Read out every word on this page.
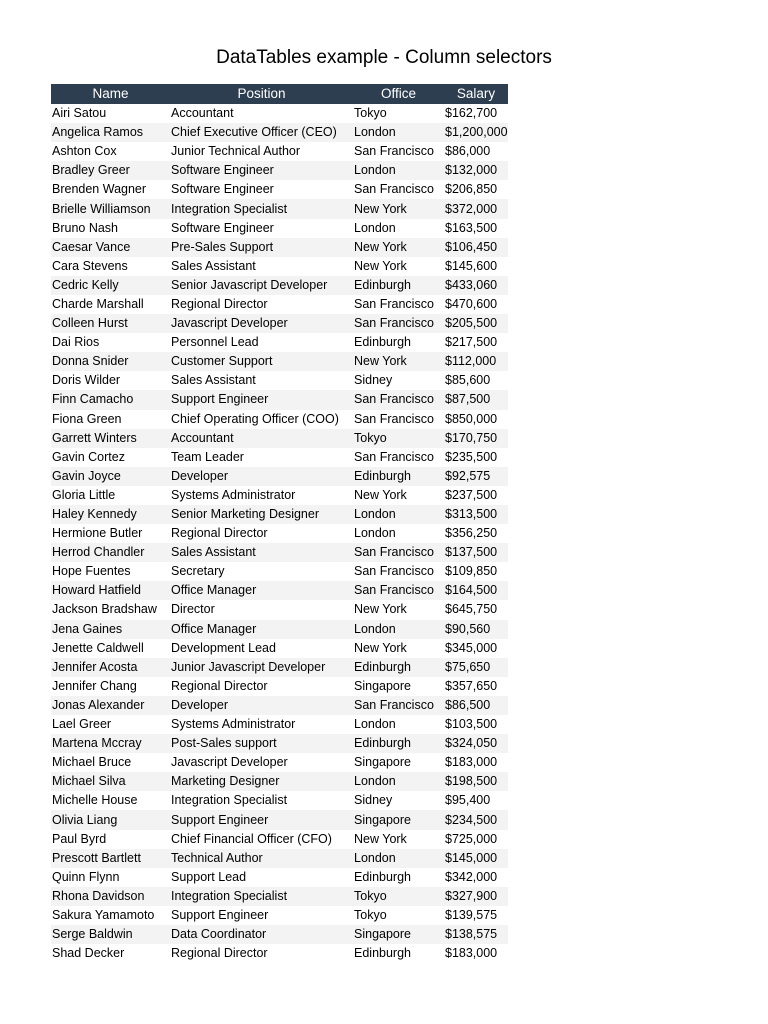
DataTables example - Column selectors
Name	Position	Office	Salary
Airi Satou	Accountant	Tokyo	$162,700
Angelica Ramos	Chief Executive Officer (CEO)	London	$1,200,000
Ashton Cox	Junior Technical Author	San Francisco	$86,000
Bradley Greer	Software Engineer	London	$132,000
Brenden Wagner	Software Engineer	San Francisco	$206,850
Brielle Williamson	Integration Specialist	New York	$372,000
Bruno Nash	Software Engineer	London	$163,500
Caesar Vance	Pre-Sales Support	New York	$106,450
Cara Stevens	Sales Assistant	New York	$145,600
Cedric Kelly	Senior Javascript Developer	Edinburgh	$433,060
Charde Marshall	Regional Director	San Francisco	$470,600
Colleen Hurst	Javascript Developer	San Francisco	$205,500
Dai Rios	Personnel Lead	Edinburgh	$217,500
Donna Snider	Customer Support	New York	$112,000
Doris Wilder	Sales Assistant	Sidney	$85,600
Finn Camacho	Support Engineer	San Francisco	$87,500
Fiona Green	Chief Operating Officer (COO)	San Francisco	$850,000
Garrett Winters	Accountant	Tokyo	$170,750
Gavin Cortez	Team Leader	San Francisco	$235,500
Gavin Joyce	Developer	Edinburgh	$92,575
Gloria Little	Systems Administrator	New York	$237,500
Haley Kennedy	Senior Marketing Designer	London	$313,500
Hermione Butler	Regional Director	London	$356,250
Herrod Chandler	Sales Assistant	San Francisco	$137,500
Hope Fuentes	Secretary	San Francisco	$109,850
Howard Hatfield	Office Manager	San Francisco	$164,500
Jackson Bradshaw	Director	New York	$645,750
Jena Gaines	Office Manager	London	$90,560
Jenette Caldwell	Development Lead	New York	$345,000
Jennifer Acosta	Junior Javascript Developer	Edinburgh	$75,650
Jennifer Chang	Regional Director	Singapore	$357,650
Jonas Alexander	Developer	San Francisco	$86,500
Lael Greer	Systems Administrator	London	$103,500
Martena Mccray	Post-Sales support	Edinburgh	$324,050
Michael Bruce	Javascript Developer	Singapore	$183,000
Michael Silva	Marketing Designer	London	$198,500
Michelle House	Integration Specialist	Sidney	$95,400
Olivia Liang	Support Engineer	Singapore	$234,500
Paul Byrd	Chief Financial Officer (CFO)	New York	$725,000
Prescott Bartlett	Technical Author	London	$145,000
Quinn Flynn	Support Lead	Edinburgh	$342,000
Rhona Davidson	Integration Specialist	Tokyo	$327,900
Sakura Yamamoto	Support Engineer	Tokyo	$139,575
Serge Baldwin	Data Coordinator	Singapore	$138,575
Shad Decker	Regional Director	Edinburgh	$183,000
